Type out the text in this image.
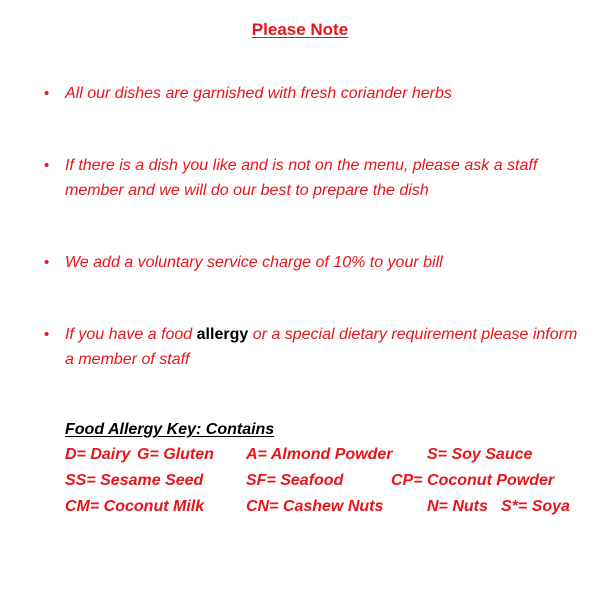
Please Note
• All our dishes are garnished with fresh coriander herbs
• If there is a dish you like and is not on the menu, please ask a staff member and we will do our best to prepare the dish
• We add a voluntary service charge of 10% to your bill
• If you have a food allergy or a special dietary requirement please inform a member of staff
Food Allergy Key: Contains
D= Dairy G= Gluten A= Almond Powder S= Soy Sauce
SS= Sesame Seed	SF= Seafood	CP= Coconut Powder
CM= Coconut Milk	CN= Cashew Nuts	N= Nuts S*= Soya
